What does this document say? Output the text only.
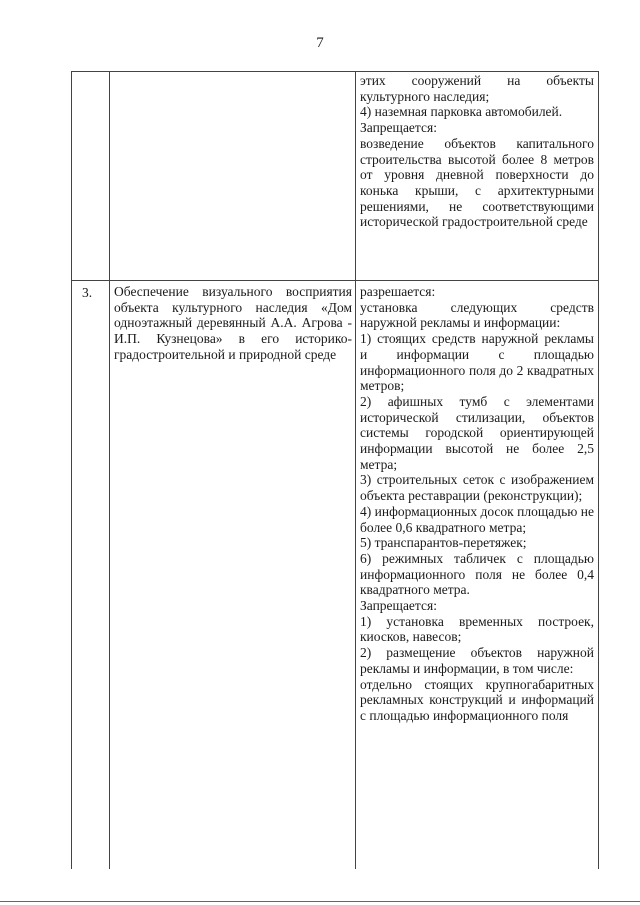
7

этих сооружений на объекты культурного наследия;

4) наземная парковка автомобилей.

Запрещается:

возведение объектов капитального строительства высотой более 8 метров от уровня дневной поверхности до конька крыши, с архитектурными решениями, не соответствующими исторической градостроительной среде

3.	Обеспечение визуального восприятия объекта культурного наследия «Дом одноэтажный деревянный А.А. Агрова - И.П. Кузнецова» в его историко-градостроительной и природной среде

разрешается:

установка следующих средств наружной рекламы и информации:

1) стоящих средств наружной рекламы и информации с площадью информационного поля до 2 квадратных метров;

2) афишных тумб с элементами исторической стилизации, объектов системы городской ориентирующей информации высотой не более 2,5 метра;

3) строительных сеток с изображением объекта реставрации (реконструкции);

4) информационных досок площадью не более 0,6 квадратного метра;

5) транспарантов-перетяжек;

6) режимных табличек с площадью информационного поля не более 0,4 квадратного метра.

Запрещается:

1) установка временных построек, киосков, навесов;

2) размещение объектов наружной рекламы и информации, в том числе:

отдельно стоящих крупногабаритных рекламных конструкций и информаций с площадью информационного поля
